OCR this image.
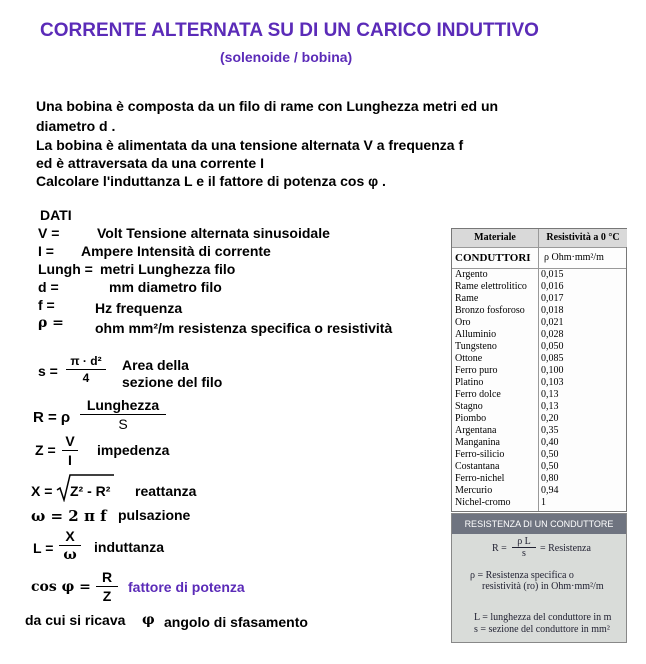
CORRENTE ALTERNATA SU DI UN CARICO INDUTTIVO
(solenoide / bobina)
Una bobina è composta da un filo di rame con Lunghezza metri ed un
diametro d .
La bobina è alimentata da una tensione alternata V a frequenza f
ed è attraversata da una corrente I
Calcolare l'induttanza L e il fattore di potenza cos φ .
DATI
V =	Volt Tensione alternata sinusoidale
I = Ampere Intensità di corrente
Lungh = metri Lunghezza filo
d =	mm diametro filo
f =	Hz frequenza
ρ = ohm mm²/m resistenza specifica o resistività
$s = \frac{\text{π · d²}}{4}$ Area della
sezione del filo
R = ρ
Lunghezza
S
$Z = \frac{V}{I}$ impedenza
X = Z² - R² reattanza
ω = 2 π f pulsazione
$L = \frac{X}{\omega}$ induttanza
$\cos \varphi = \frac{R}{Z}$ fattore di potenza
da cui si ricava φ angolo di sfasamento
Materiale	Resistività a 0 °C
CONDUTTORI ρ Ohm·mm²/m
Argento	0,015
Rame elettrolitico 0,016
Rame	0,017
Bronzo fosforoso 0,018
Oro	0,021
Alluminio	0,028
Tungsteno	0,050
Ottone	0,085
Ferro puro	0,100
Platino	0,103
Ferro dolce	0,13
Stagno	0,13
Piombo	0,20
Argentana	0,35
Manganina	0,40
Ferro-silicio	0,50
Costantana	0,50
Ferro-nichel	0,80
Mercurio	0,94
Nichel-cromo	1
RESISTENZA DI UN CONDUTTORE
$R = \frac{\text{ρ L}}{s}$ = Resistenza
ρ = Resistenza specifica o
resistività (ro) in Ohm·mm²/m
L = lunghezza del conduttore in m
s = sezione del conduttore in mm²
